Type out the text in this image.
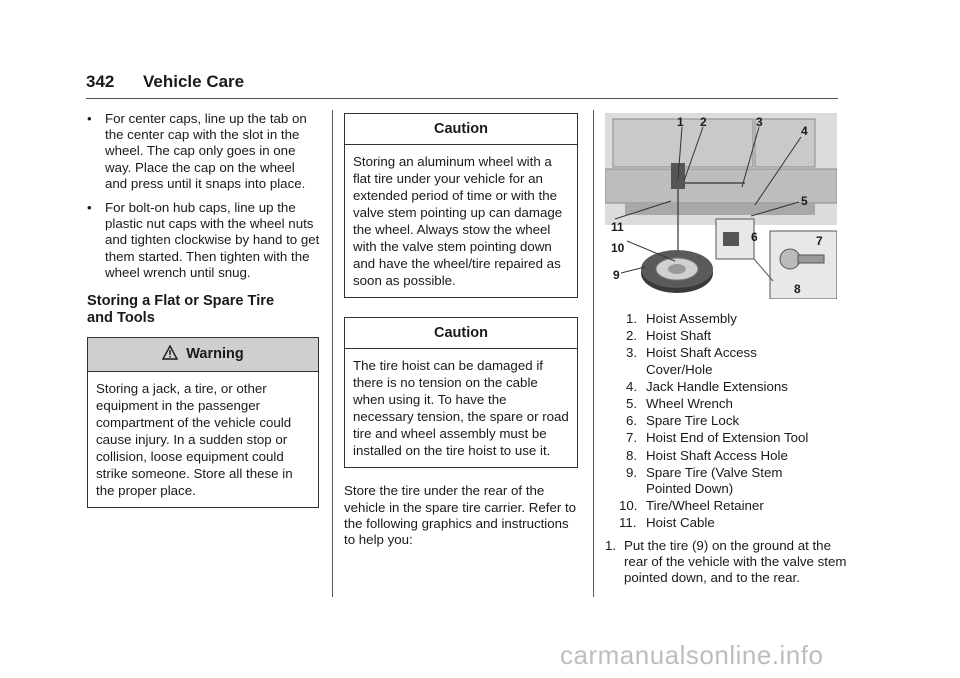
342 Vehicle Care
• For center caps, line up the tab on the center cap with the slot in the wheel. The cap only goes in one way. Place the cap on the wheel and press until it snaps into place.
• For bolt-on hub caps, line up the plastic nut caps with the wheel nuts and tighten clockwise by hand to get them started. Then tighten with the wheel wrench until snug.
Storing a Flat or Spare Tire and Tools
Warning
Storing a jack, a tire, or other equipment in the passenger compartment of the vehicle could cause injury. In a sudden stop or collision, loose equipment could strike someone. Store all these in the proper place.
Caution
Storing an aluminum wheel with a flat tire under your vehicle for an extended period of time or with the valve stem pointing up can damage the wheel. Always stow the wheel with the valve stem pointing down and have the wheel/tire repaired as soon as possible.
Caution
The tire hoist can be damaged if there is no tension on the cable when using it. To have the necessary tension, the spare or road tire and wheel assembly must be installed on the tire hoist to use it.
Store the tire under the rear of the vehicle in the spare tire carrier. Refer to the following graphics and instructions to help you:
1 2	3
4
5
6	7
8
9
10
11
1. Hoist Assembly
2. Hoist Shaft
3. Hoist Shaft Access Cover/Hole
4. Jack Handle Extensions
5. Wheel Wrench
6. Spare Tire Lock
7. Hoist End of Extension Tool
8. Hoist Shaft Access Hole
9. Spare Tire (Valve Stem Pointed Down)
10. Tire/Wheel Retainer
11. Hoist Cable
1. Put the tire (9) on the ground at the rear of the vehicle with the valve stem pointed down, and to the rear.
carmanualsonline.info
